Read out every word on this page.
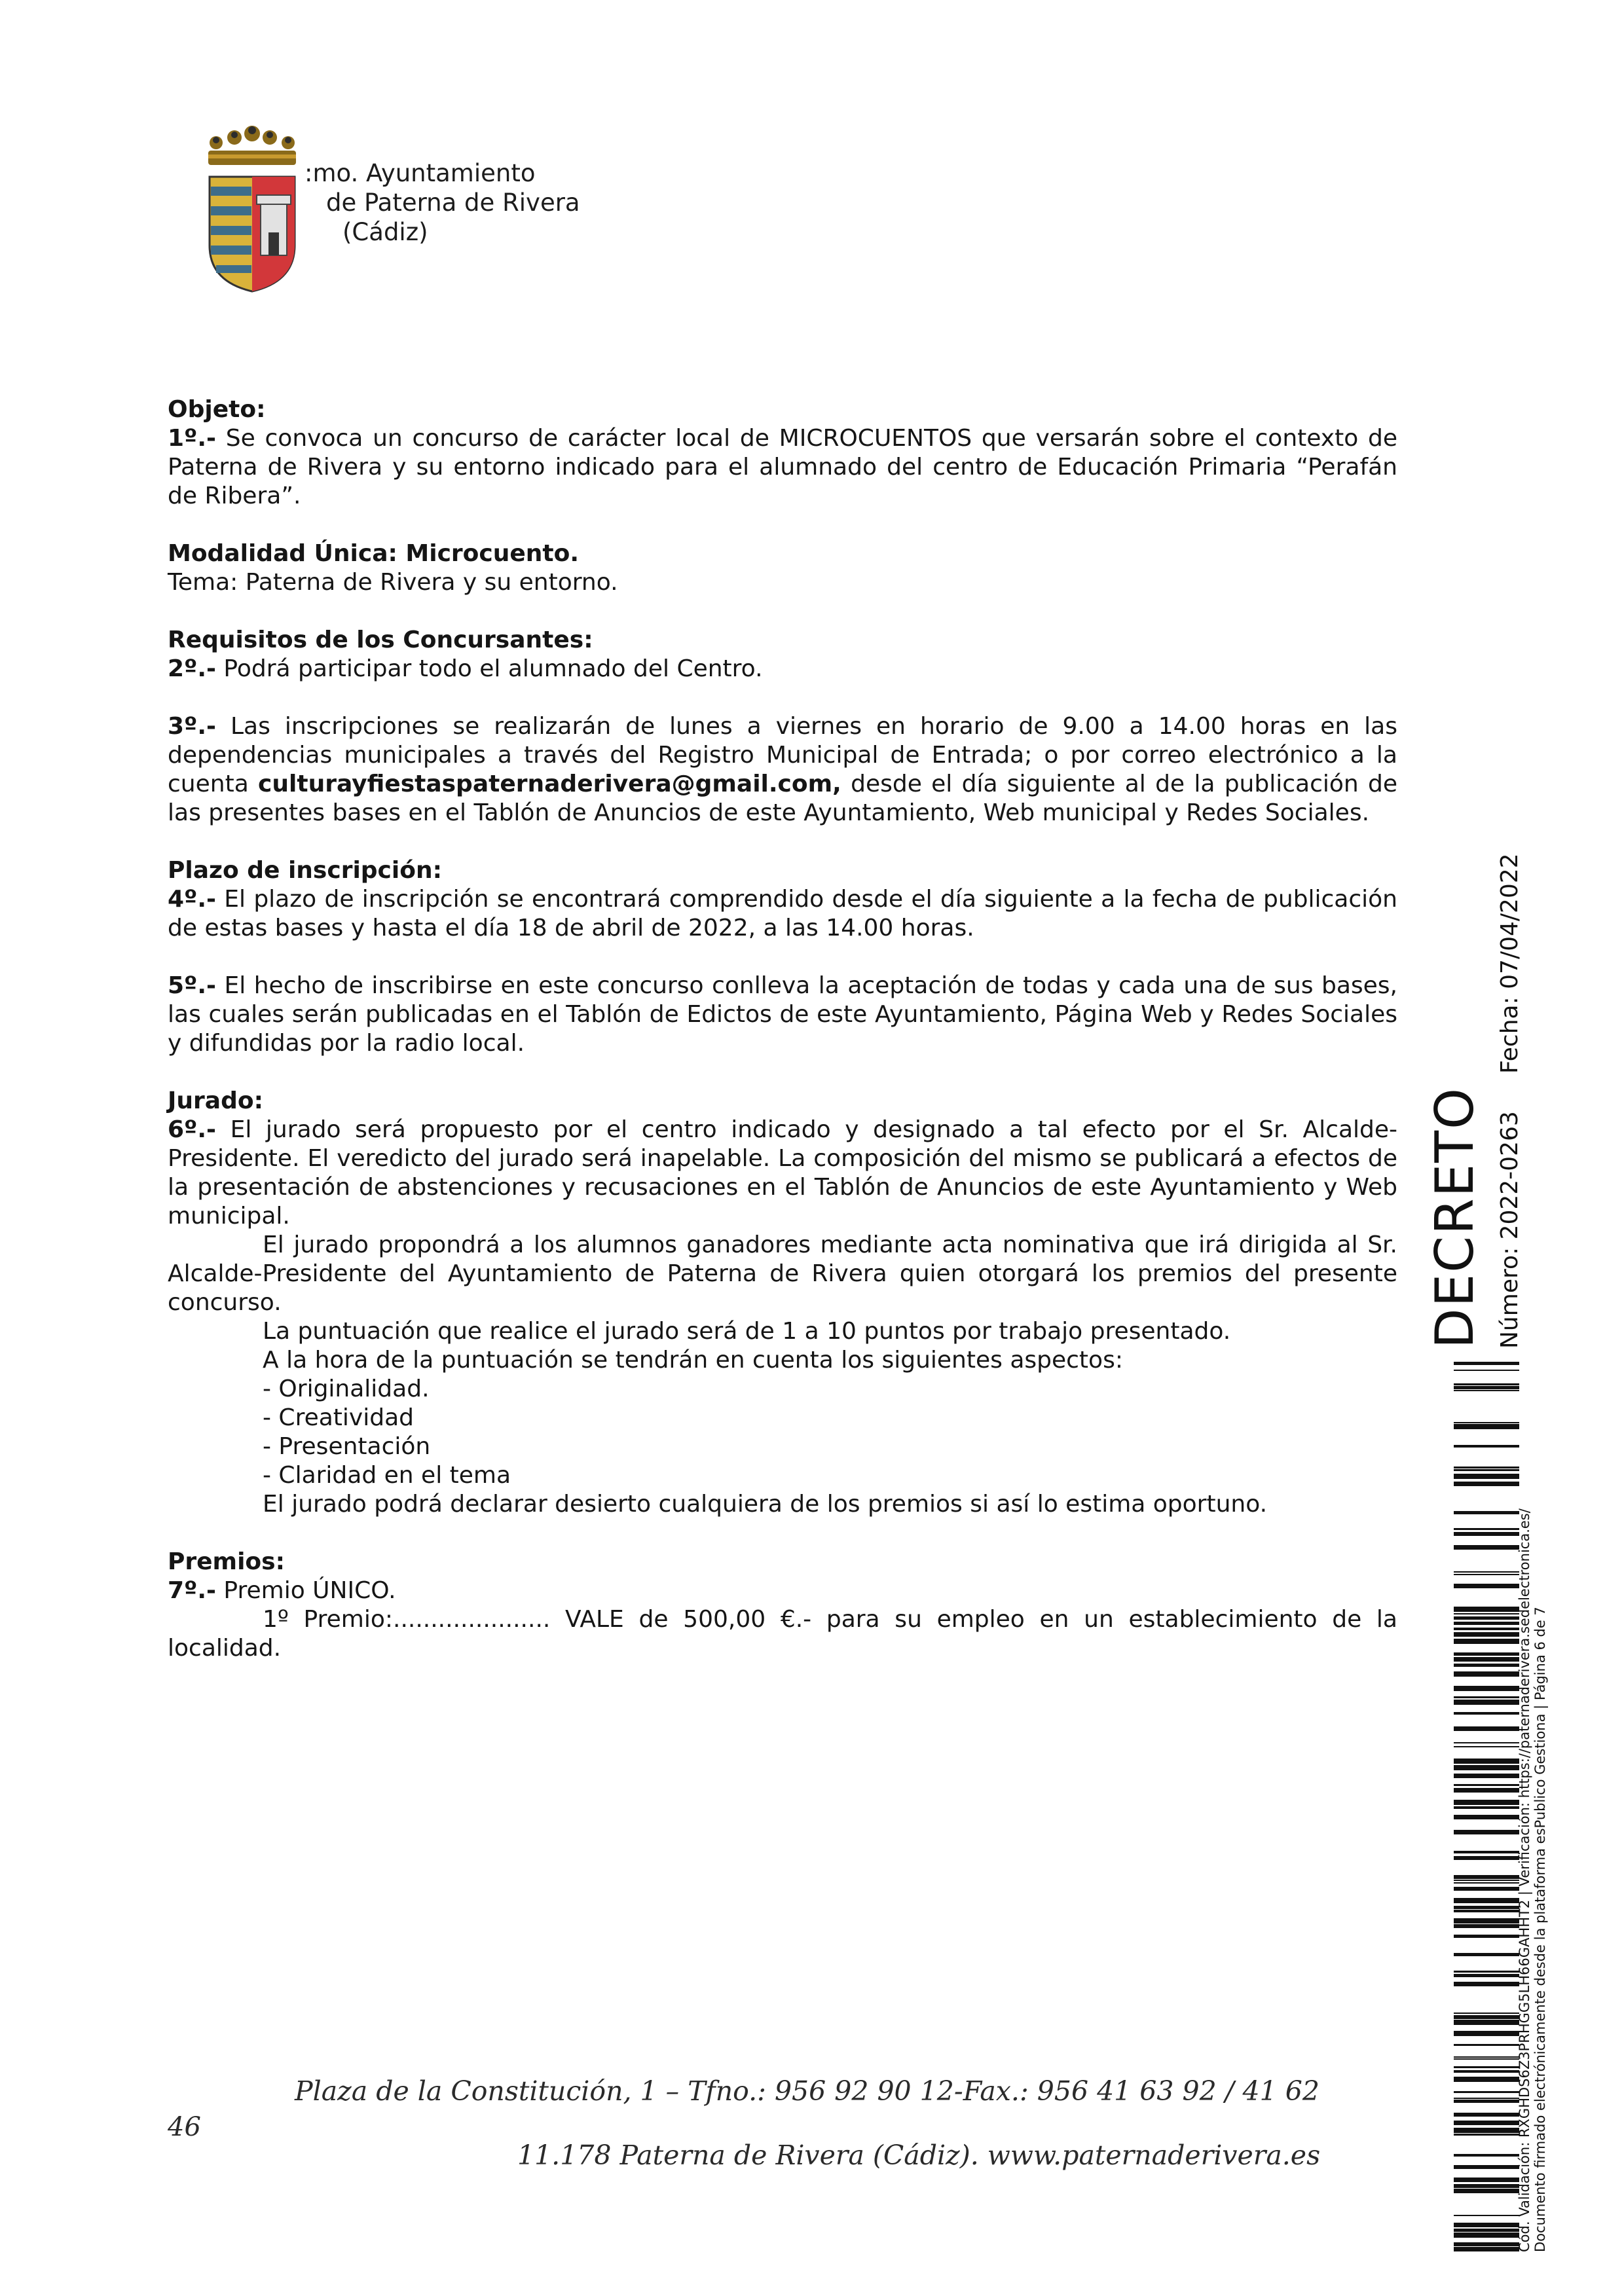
:mo. Ayuntamiento
de Paterna de Rivera
(Cádiz)
Objeto:

1º.- Se convoca un concurso de carácter local de MICROCUENTOS que versarán sobre el contexto de Paterna de Rivera y su entorno indicado para el alumnado del centro de Educación Primaria “Perafán de Ribera”.

Modalidad Única: Microcuento.

Tema: Paterna de Rivera y su entorno.

Requisitos de los Concursantes:

2º.- Podrá participar todo el alumnado del Centro.

3º.- Las inscripciones se realizarán de lunes a viernes en horario de 9.00 a 14.00 horas en las dependencias municipales a través del Registro Municipal de Entrada; o por correo electrónico a la cuenta culturayfiestaspaternaderivera@gmail.com, desde el día siguiente al de la publicación de las presentes bases en el Tablón de Anuncios de este Ayuntamiento, Web municipal y Redes Sociales.

Plazo de inscripción:

4º.- El plazo de inscripción se encontrará comprendido desde el día siguiente a la fecha de publicación de estas bases y hasta el día 18 de abril de 2022, a las 14.00 horas.

5º.- El hecho de inscribirse en este concurso conlleva la aceptación de todas y cada una de sus bases, las cuales serán publicadas en el Tablón de Edictos de este Ayuntamiento, Página Web y Redes Sociales y difundidas por la radio local.

Jurado:

6º.- El jurado será propuesto por el centro indicado y designado a tal efecto por el Sr. Alcalde-Presidente. El veredicto del jurado será inapelable. La composición del mismo se publicará a efectos de la presentación de abstenciones y recusaciones en el Tablón de Anuncios de este Ayuntamiento y Web municipal.

El jurado propondrá a los alumnos ganadores mediante acta nominativa que irá dirigida al Sr. Alcalde-Presidente del Ayuntamiento de Paterna de Rivera quien otorgará los premios del presente concurso.

La puntuación que realice el jurado será de 1 a 10 puntos por trabajo presentado.

A la hora de la puntuación se tendrán en cuenta los siguientes aspectos:

- Originalidad.
- Creatividad
- Presentación
- Claridad en el tema

El jurado podrá declarar desierto cualquiera de los premios si así lo estima oportuno.

Premios:

7º.- Premio ÚNICO.

1º Premio:..................... VALE de 500,00 €.- para su empleo en un establecimiento de la localidad.

Plaza de la Constitución, 1 – Tfno.: 956 92 90 12-Fax.: 956 41 63 92 / 41 62
46
11.178 Paterna de Rivera (Cádiz). www.paternaderivera.es
DECRETO Número: 2022-0263     Fecha: 07/04/2022
Cód. Validación: RXGHDS6Z3PRHGG5LH66GAHHT2 | Verificación: https://paternaderivera.sedelectronica.es/ Documento firmado electrónicamente desde la plataforma esPublico Gestiona | Página 6 de 7
